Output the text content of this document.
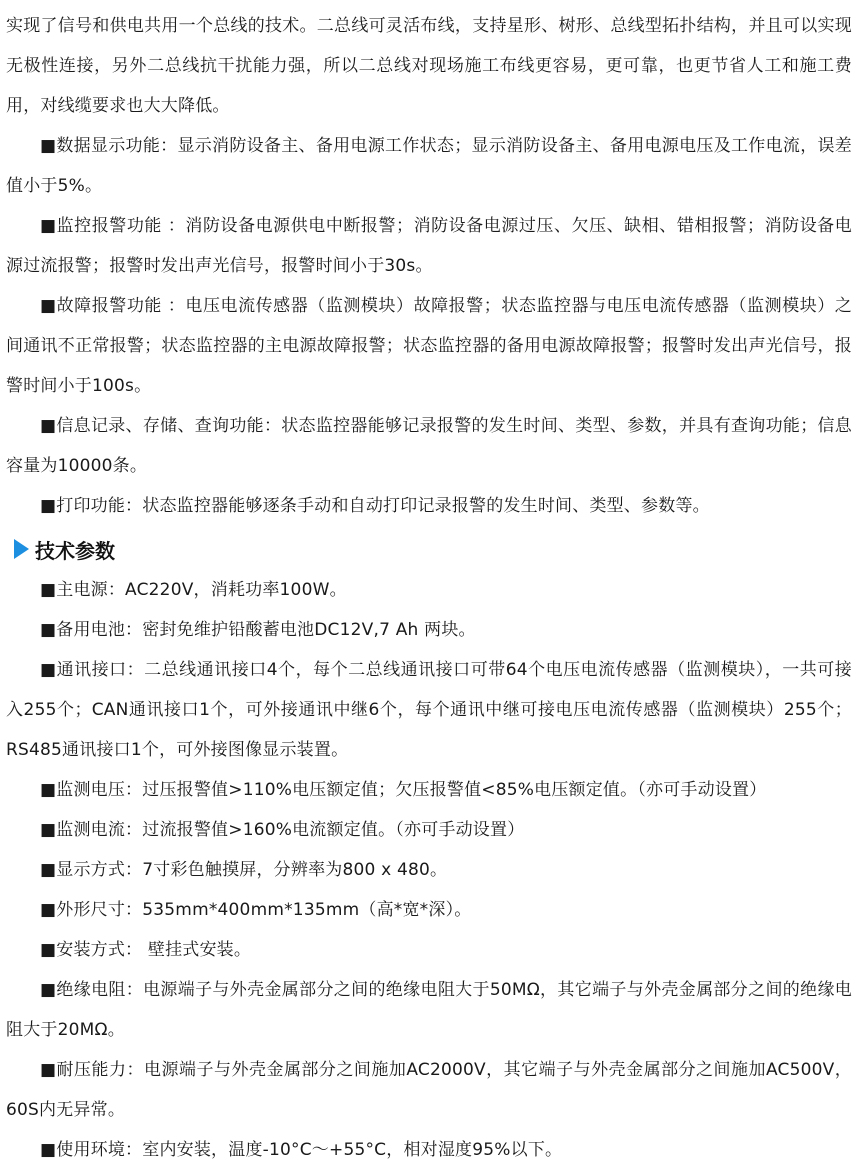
实现了信号和供电共用一个总线的技术。二总线可灵活布线，支持星形、树形、总线型拓扑结构，并且可以实现无极性连接，另外二总线抗干扰能力强，所以二总线对现场施工布线更容易，更可靠，也更节省人工和施工费用，对线缆要求也大大降低。

■数据显示功能：显示消防设备主、备用电源工作状态；显示消防设备主、备用电源电压及工作电流，误差值小于5%。

■监控报警功能 ：消防设备电源供电中断报警；消防设备电源过压、欠压、缺相、错相报警；消防设备电源过流报警；报警时发出声光信号，报警时间小于30s。

■故障报警功能 ：电压电流传感器（监测模块）故障报警；状态监控器与电压电流传感器（监测模块）之间通讯不正常报警；状态监控器的主电源故障报警；状态监控器的备用电源故障报警；报警时发出声光信号，报警时间小于100s。

■信息记录、存储、查询功能：状态监控器能够记录报警的发生时间、类型、参数，并具有查询功能；信息容量为10000条。

■打印功能：状态监控器能够逐条手动和自动打印记录报警的发生时间、类型、参数等。

技术参数

■主电源：AC220V，消耗功率100W。

■备用电池：密封免维护铅酸蓄电池DC12V,7 Ah 两块。

■通讯接口：二总线通讯接口4个，每个二总线通讯接口可带64个电压电流传感器（监测模块），一共可接入255个；CAN通讯接口1个，可外接通讯中继6个，每个通讯中继可接电压电流传感器（监测模块）255个；RS485通讯接口1个，可外接图像显示装置。

■监测电压：过压报警值>110%电压额定值；欠压报警值<85%电压额定值。（亦可手动设置）

■监测电流：过流报警值>160%电流额定值。（亦可手动设置）

■显示方式：7寸彩色触摸屏，分辨率为800 x 480。

■外形尺寸：535mm*400mm*135mm（高*宽*深）。

■安装方式： 壁挂式安装。

■绝缘电阻：电源端子与外壳金属部分之间的绝缘电阻大于50MΩ，其它端子与外壳金属部分之间的绝缘电阻大于20MΩ。

■耐压能力：电源端子与外壳金属部分之间施加AC2000V，其它端子与外壳金属部分之间施加AC500V，60S内无异常。

■使用环境：室内安装，温度-10°C～+55°C，相对湿度95%以下。
